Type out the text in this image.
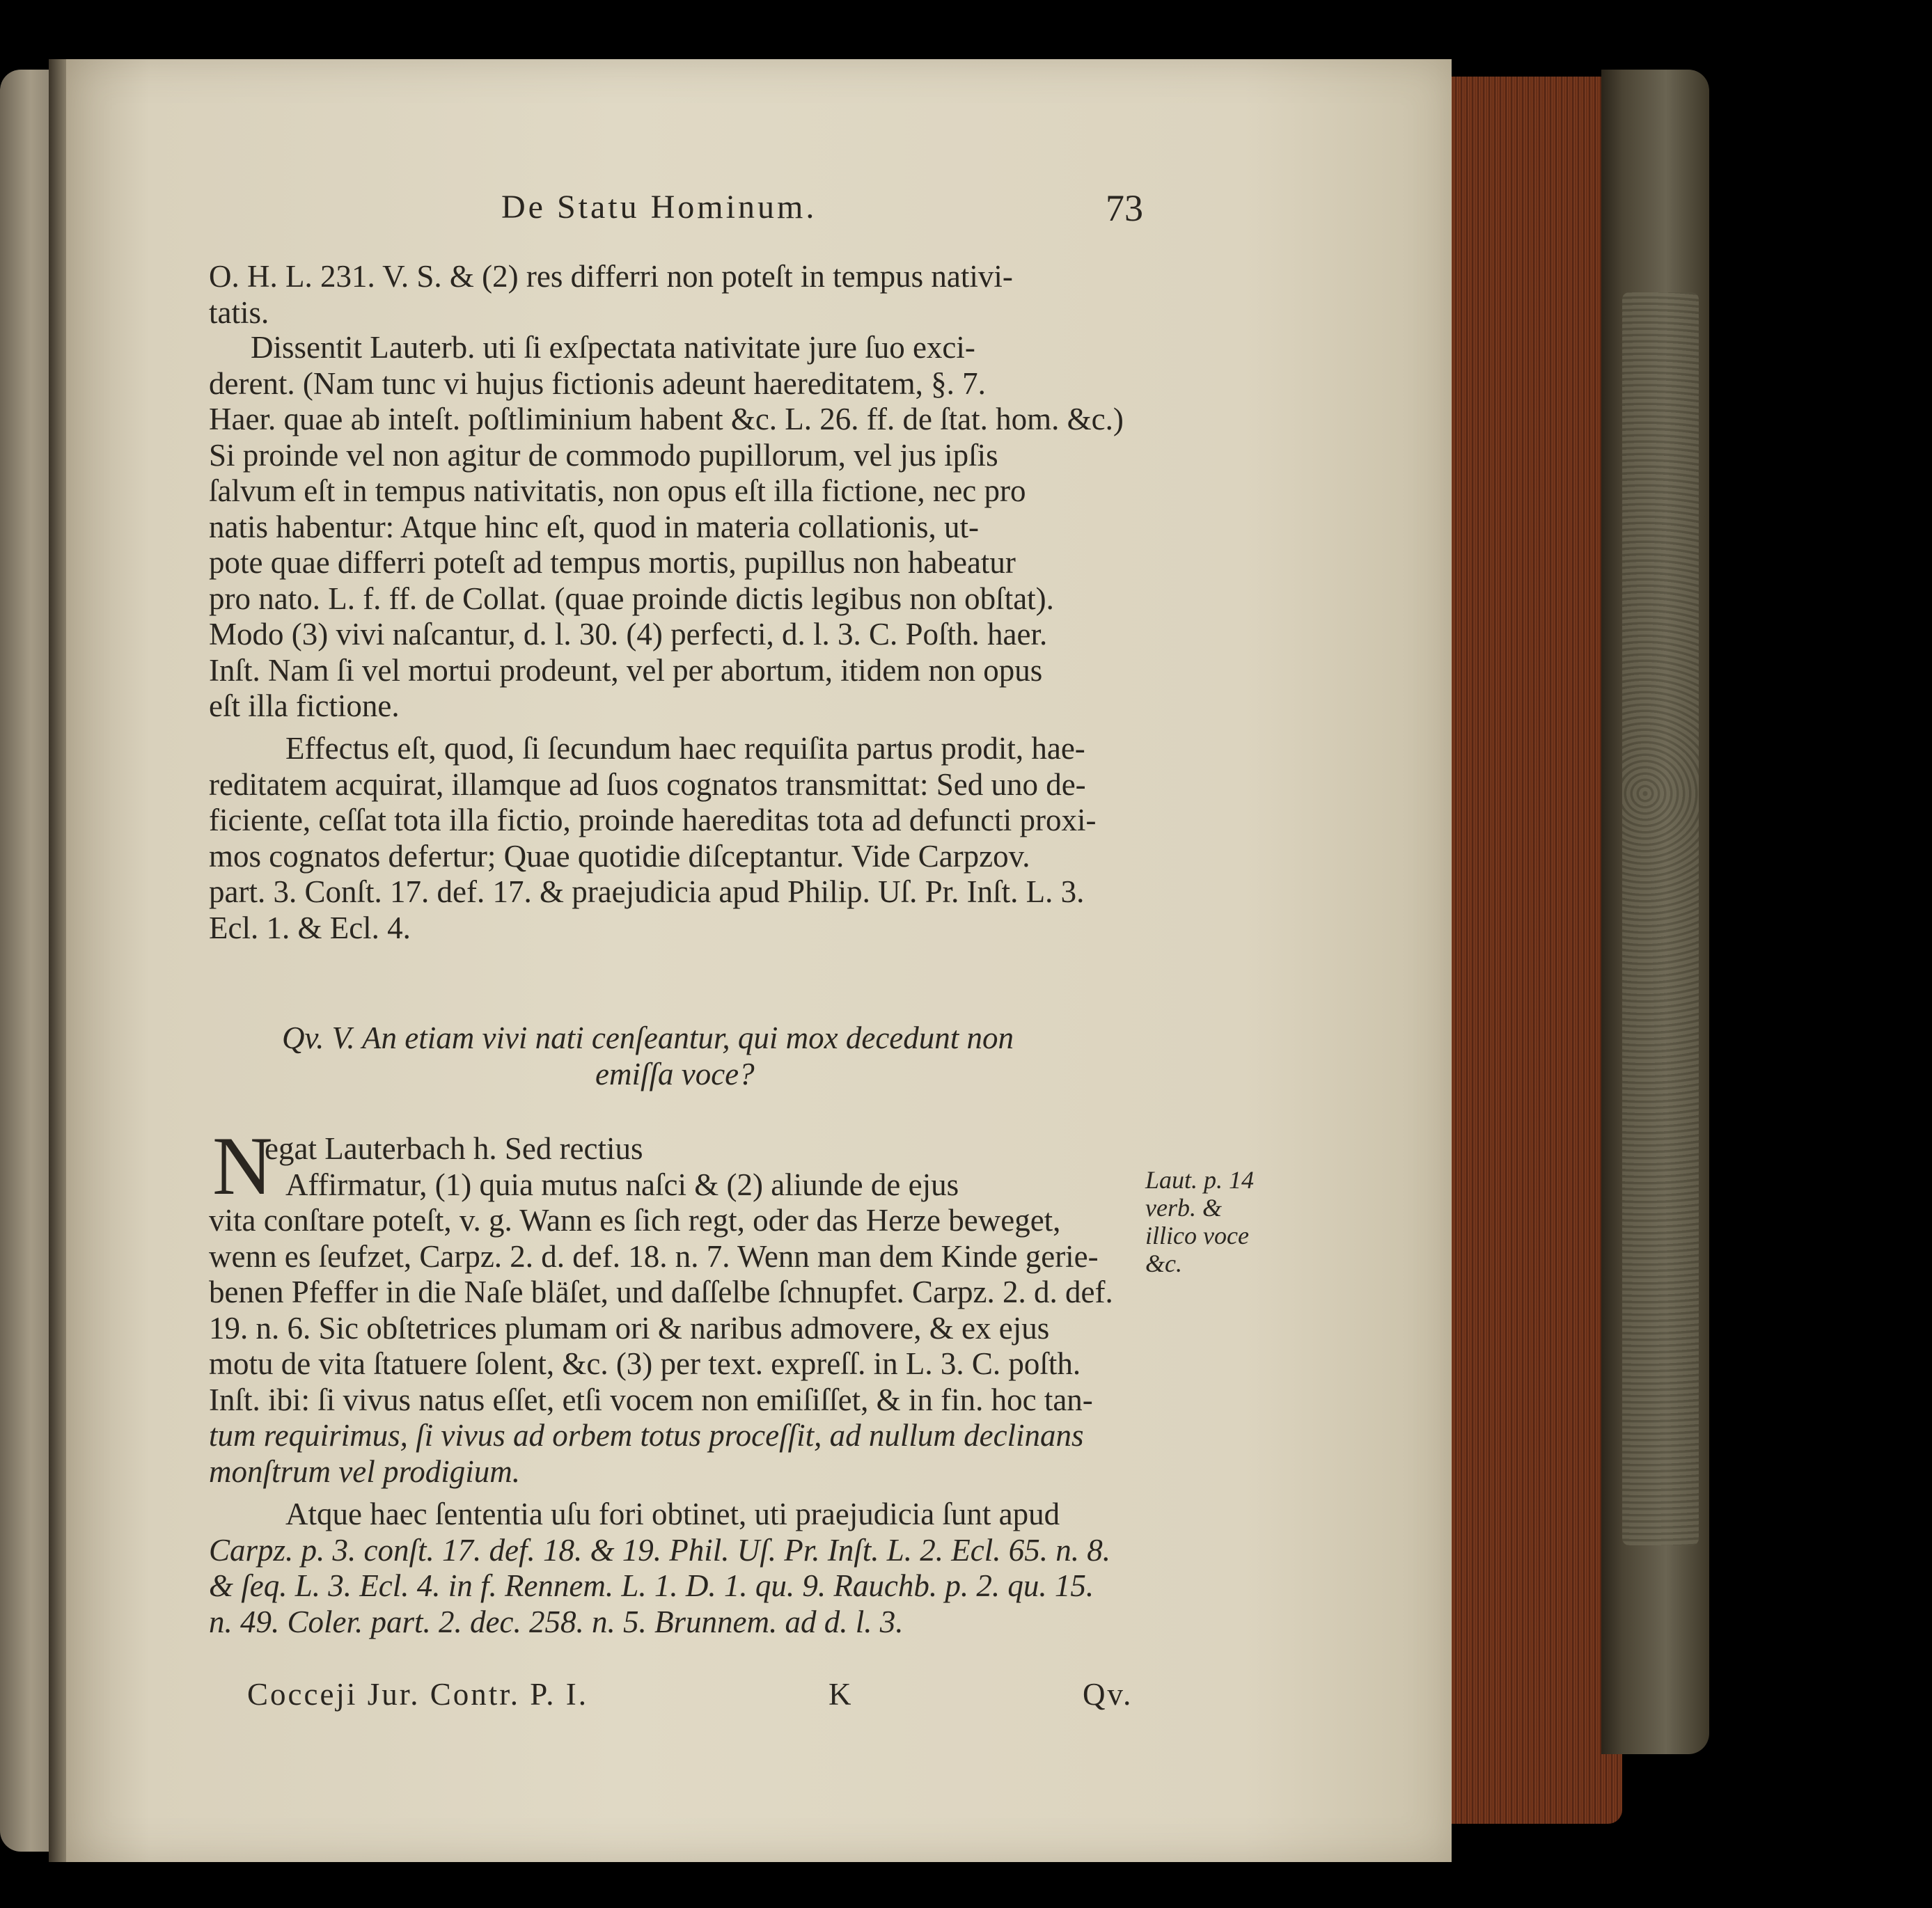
De Statu Hominum.	73
O. H. L. 231. V. S. & (2) res differri non poteſt in tempus nativi-
tatis.
Dissentit Lauterb. uti ſi exſpectata nativitate jure ſuo exci-
derent. (Nam tunc vi hujus fictionis adeunt haereditatem, §. 7.
Haer. quae ab inteſt. poſtliminium habent &c. L. 26. ff. de ſtat. hom. &c.)
Si proinde vel non agitur de commodo pupillorum, vel jus ipſis
ſalvum eſt in tempus nativitatis, non opus eſt illa fictione, nec pro
natis habentur: Atque hinc eſt, quod in materia collationis, ut-
pote quae differri poteſt ad tempus mortis, pupillus non habeatur
pro nato. L. f. ff. de Collat. (quae proinde dictis legibus non obſtat).
Modo (3) vivi naſcantur, d. l. 30. (4) perfecti, d. l. 3. C. Poſth. haer.
Inſt. Nam ſi vel mortui prodeunt, vel per abortum, itidem non opus
eſt illa fictione.
Effectus eſt, quod, ſi ſecundum haec requiſita partus prodit, hae-
reditatem acquirat, illamque ad ſuos cognatos transmittat: Sed uno de-
ficiente, ceſſat tota illa fictio, proinde haereditas tota ad defuncti proxi-
mos cognatos defertur; Quae quotidie diſceptantur. Vide Carpzov.
part. 3. Conſt. 17. def. 17. & praejudicia apud Philip. Uſ. Pr. Inſt. L. 3.
Ecl. 1. & Ecl. 4.
Qv. V. An etiam vivi nati cenſeantur, qui mox decedunt non
emiſſa voce?
N
egat Lauterbach h. Sed rectius
Affirmatur, (1) quia mutus naſci & (2) aliunde de ejus
vita conſtare poteſt, v. g. Wann es ſich regt, oder das Herze beweget,
wenn es ſeufzet, Carpz. 2. d. def. 18. n. 7. Wenn man dem Kinde gerie-
benen Pfeffer in die Naſe bläſet, und daſſelbe ſchnupfet. Carpz. 2. d. def.
19. n. 6. Sic obſtetrices plumam ori & naribus admovere, & ex ejus
motu de vita ſtatuere ſolent, &c. (3) per text. expreſſ. in L. 3. C. poſth.
Inſt. ibi: ſi vivus natus eſſet, etſi vocem non emiſiſſet, & in fin. hoc tan-
tum requirimus, ſi vivus ad orbem totus proceſſit, ad nullum declinans
monſtrum vel prodigium.
Laut. p. 14
verb. &
illico voce
&c.
Atque haec ſententia uſu fori obtinet, uti praejudicia ſunt apud
Carpz. p. 3. conſt. 17. def. 18. & 19. Phil. Uſ. Pr. Inſt. L. 2. Ecl. 65. n. 8.
& ſeq. L. 3. Ecl. 4. in f. Rennem. L. 1. D. 1. qu. 9. Rauchb. p. 2. qu. 15.
n. 49. Coler. part. 2. dec. 258. n. 5. Brunnem. ad d. l. 3.
Cocceji Jur. Contr. P. I.	K	Qv.
